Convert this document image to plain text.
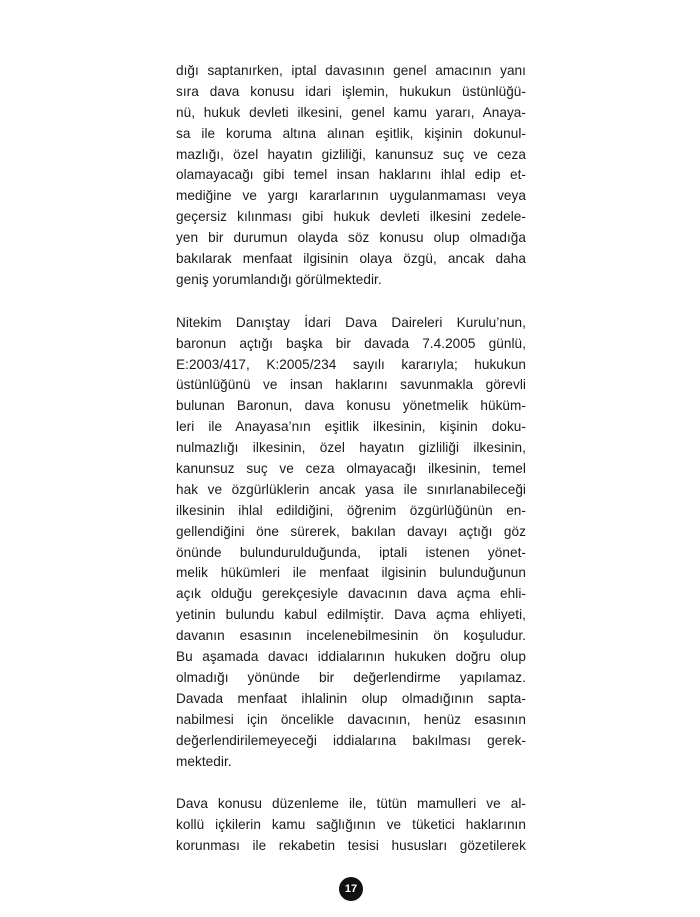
dığı saptanırken, iptal davasının genel amacının yanı
sıra dava konusu idari işlemin, hukukun üstünlüğü-
nü, hukuk devleti ilkesini, genel kamu yararı, Anaya-
sa ile koruma altına alınan eşitlik, kişinin dokunul-
mazlığı, özel hayatın gizliliği, kanunsuz suç ve ceza
olamayacağı gibi temel insan haklarını ihlal edip et-
mediğine ve yargı kararlarının uygulanmaması veya
geçersiz kılınması gibi hukuk devleti ilkesini zedele-
yen bir durumun olayda söz konusu olup olmadığa
bakılarak menfaat ilgisinin olaya özgü, ancak daha
geniş yorumlandığı görülmektedir.
Nitekim Danıştay İdari Dava Daireleri Kurulu’nun,
baronun açtığı başka bir davada 7.4.2005 günlü,
E:2003/417, K:2005/234 sayılı kararıyla; hukukun
üstünlüğünü ve insan haklarını savunmakla görevli
bulunan Baronun, dava konusu yönetmelik hüküm-
leri ile Anayasa’nın eşitlik ilkesinin, kişinin doku-
nulmazlığı ilkesinin, özel hayatın gizliliği ilkesinin,
kanunsuz suç ve ceza olmayacağı ilkesinin, temel
hak ve özgürlüklerin ancak yasa ile sınırlanabileceği
ilkesinin ihlal edildiğini, öğrenim özgürlüğünün en-
gellendiğini öne sürerek, bakılan davayı açtığı göz
önünde bulundurulduğunda, iptali istenen yönet-
melik hükümleri ile menfaat ilgisinin bulunduğunun
açık olduğu gerekçesiyle davacının dava açma ehli-
yetinin bulundu kabul edilmiştir. Dava açma ehliyeti,
davanın esasının incelenebilmesinin ön koşuludur.
Bu aşamada davacı iddialarının hukuken doğru olup
olmadığı yönünde bir değerlendirme yapılamaz.
Davada menfaat ihlalinin olup olmadığının sapta-
nabilmesi için öncelikle davacının, henüz esasının
değerlendirilemeyeceği iddialarına bakılması gerek-
mektedir.
Dava konusu düzenleme ile, tütün mamulleri ve al-
kollü içkilerin kamu sağlığının ve tüketici haklarının
korunması ile rekabetin tesisi hususları gözetilerek
17
